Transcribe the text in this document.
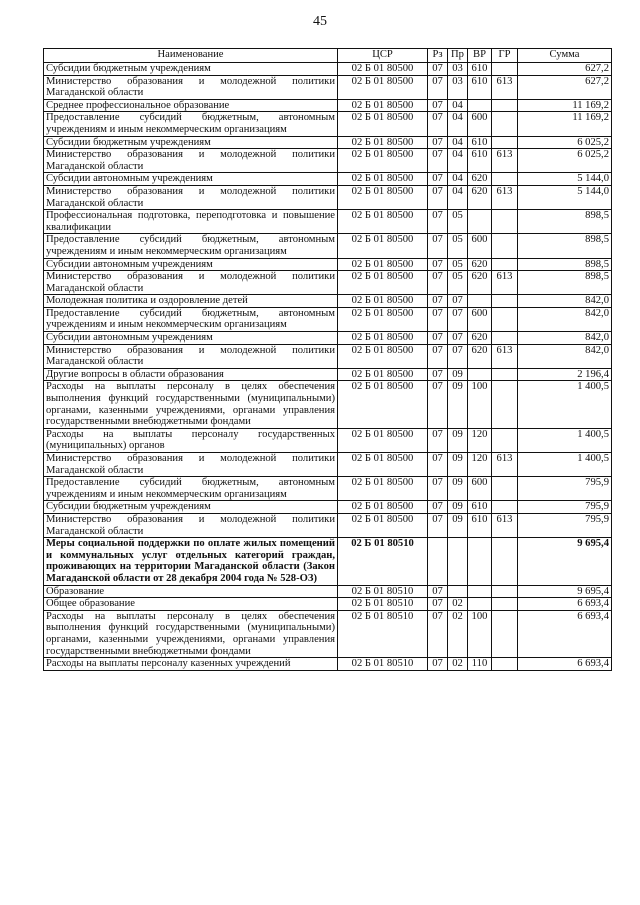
45
Наименование	ЦСР	Рз	Пр	ВР	ГР	Сумма
Субсидии бюджетным учреждениям	02 Б 01 80500	07	03	610		627,2
Министерство образования и молодежной политики Магаданской области	02 Б 01 80500	07	03	610	613	627,2
Среднее профессиональное образование	02 Б 01 80500	07	04			11 169,2
Предоставление субсидий бюджетным, автономным учреждениям и иным некоммерческим организациям	02 Б 01 80500	07	04	600		11 169,2
Субсидии бюджетным учреждениям	02 Б 01 80500	07	04	610		6 025,2
Министерство образования и молодежной политики Магаданской области	02 Б 01 80500	07	04	610	613	6 025,2
Субсидии автономным учреждениям	02 Б 01 80500	07	04	620		5 144,0
Министерство образования и молодежной политики Магаданской области	02 Б 01 80500	07	04	620	613	5 144,0
Профессиональная подготовка, переподготовка и повышение квалификации	02 Б 01 80500	07	05			898,5
Предоставление субсидий бюджетным, автономным учреждениям и иным некоммерческим организациям	02 Б 01 80500	07	05	600		898,5
Субсидии автономным учреждениям	02 Б 01 80500	07	05	620		898,5
Министерство образования и молодежной политики Магаданской области	02 Б 01 80500	07	05	620	613	898,5
Молодежная политика и оздоровление детей	02 Б 01 80500	07	07			842,0
Предоставление субсидий бюджетным, автономным учреждениям и иным некоммерческим организациям	02 Б 01 80500	07	07	600		842,0
Субсидии автономным учреждениям	02 Б 01 80500	07	07	620		842,0
Министерство образования и молодежной политики Магаданской области	02 Б 01 80500	07	07	620	613	842,0
Другие вопросы в области образования	02 Б 01 80500	07	09			2 196,4
Расходы на выплаты персоналу в целях обеспечения выполнения функций государственными (муниципальными) органами, казенными учреждениями, органами управления государственными внебюджетными фондами	02 Б 01 80500	07	09	100		1 400,5
Расходы на выплаты персоналу государственных (муниципальных) органов	02 Б 01 80500	07	09	120		1 400,5
Министерство образования и молодежной политики Магаданской области	02 Б 01 80500	07	09	120	613	1 400,5
Предоставление субсидий бюджетным, автономным учреждениям и иным некоммерческим организациям	02 Б 01 80500	07	09	600		795,9
Субсидии бюджетным учреждениям	02 Б 01 80500	07	09	610		795,9
Министерство образования и молодежной политики Магаданской области	02 Б 01 80500	07	09	610	613	795,9
Меры социальной поддержки по оплате жилых помещений и коммунальных услуг отдельных категорий граждан, проживающих на территории Магаданской области (Закон Магаданской области от 28 декабря 2004 года № 528-ОЗ)	02 Б 01 80510					9 695,4
Образование	02 Б 01 80510	07				9 695,4
Общее образование	02 Б 01 80510	07	02			6 693,4
Расходы на выплаты персоналу в целях обеспечения выполнения функций государственными (муниципальными) органами, казенными учреждениями, органами управления государственными внебюджетными фондами	02 Б 01 80510	07	02	100		6 693,4
Расходы на выплаты персоналу казенных учреждений	02 Б 01 80510	07	02	110		6 693,4
